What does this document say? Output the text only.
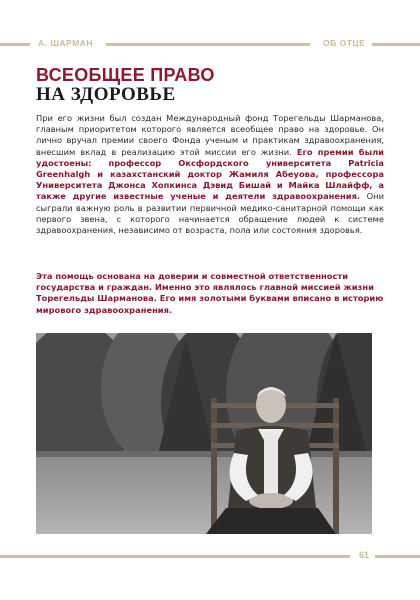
А. ШАРМАН	ОБ ОТЦЕ
ВСЕОБЩЕЕ ПРАВО
НА ЗДОРОВЬЕ

При его жизни был создан Международный фонд Торегельды Шарманова, главным приоритетом которого является всеобщее право на здоровье. Он лично вручал премии своего Фонда ученым и практикам здравоохранения, внесшим вклад в реализацию этой миссии его жизни. Его премии были удостоены: профессор Оксфордского университета Patricia Greenhalgh и казахстанский доктор Жамиля Абеуова, профессора Университета Джонса Хопкинса Дэвид Бишай и Майка Шлайфф, а также другие известные ученые и деятели здравоохранения. Они сыграли важную роль в развитии первичной медико-санитарной помощи как первого звена, с которого начинается обращение людей к системе здравоохранения, независимо от возраста, пола или состояния здоровья.

Эта помощь основана на доверии и совместной ответственности государства и граждан. Именно это являлось главной миссией жизни Торегельды Шарманова. Его имя золотыми буквами вписано в историю мирового здравоохранения.

61
